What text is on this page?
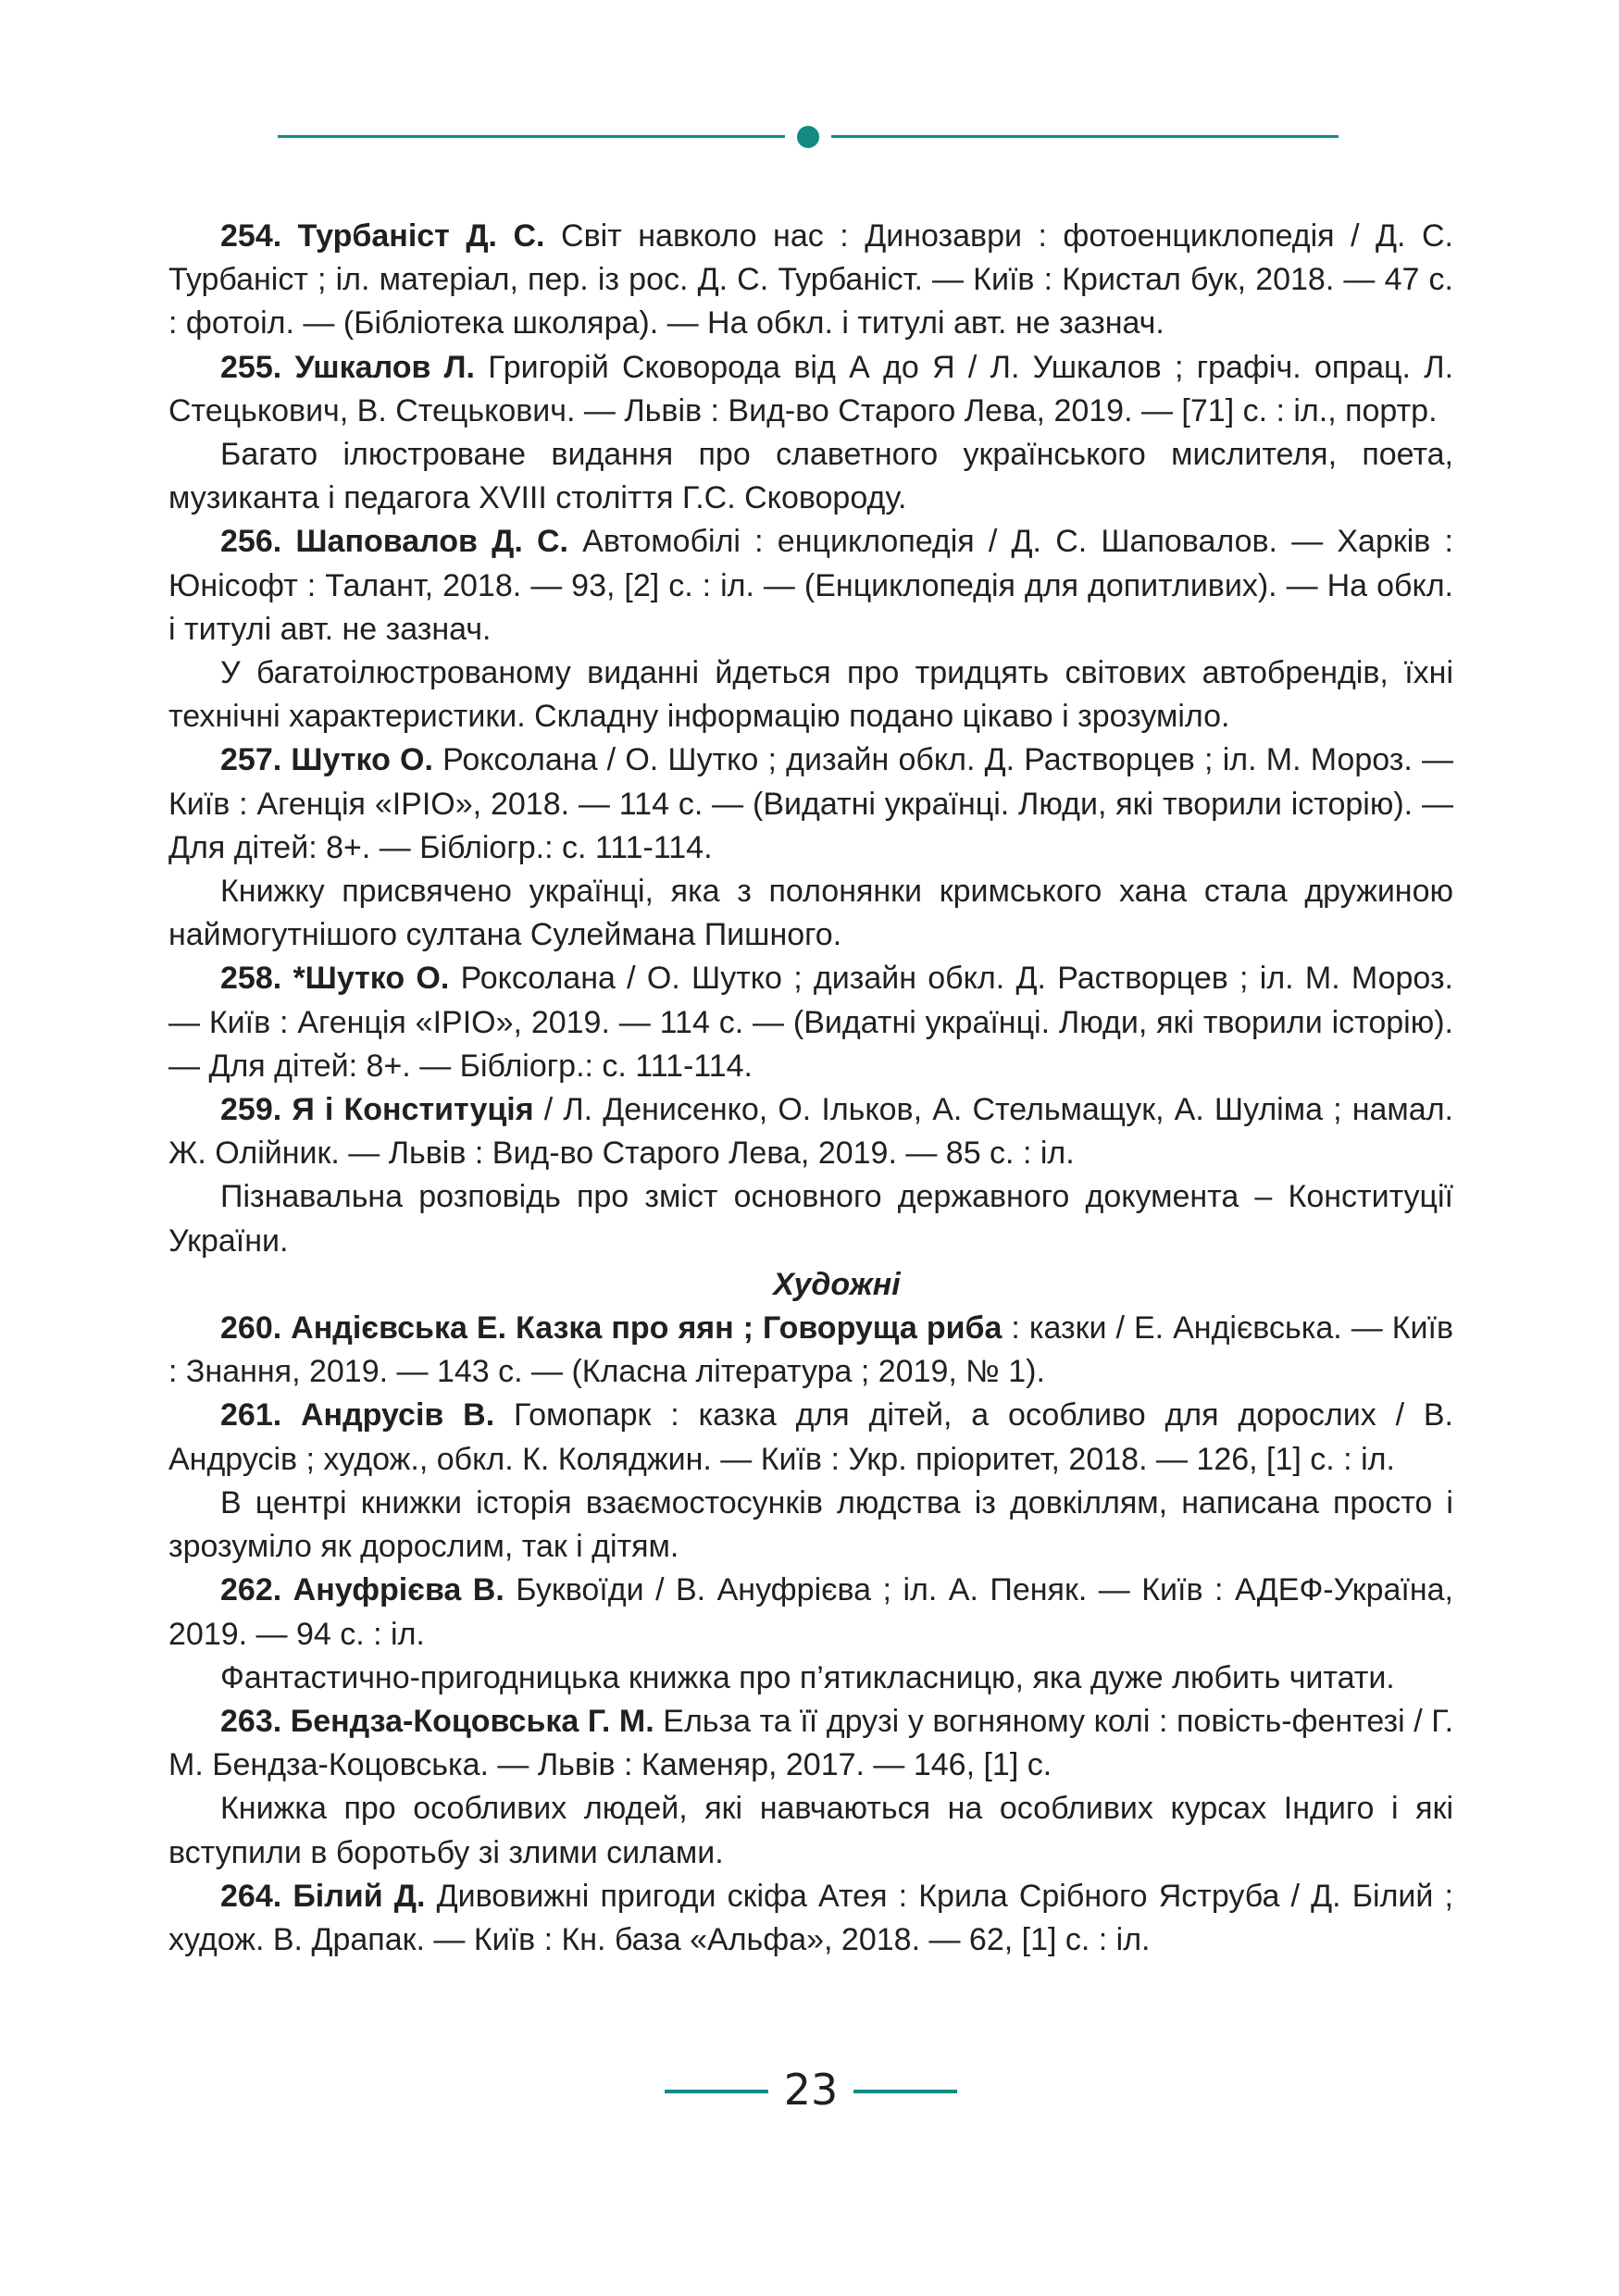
254. Турбаніст Д. С. Світ навколо нас : Динозаври : фотоенциклопедія / Д. С. Турбаніст ; іл. матеріал, пер. із рос. Д. С. Турбаніст. — Київ : Кристал бук, 2018. — 47 с. : фотоіл. — (Бібліотека школяра). — На обкл. і титулі авт. не зазнач.

255. Ушкалов Л. Григорій Сковорода від А до Я / Л. Ушкалов ; графіч. опрац. Л. Стецькович, В. Стецькович. — Львів : Вид-во Старого Лева, 2019. — [71] с. : іл., портр.

Багато ілюстроване видання про славетного українського мислителя, поета, музиканта і педагога XVIII століття Г.С. Сковороду.

256. Шаповалов Д. С. Автомобілі : енциклопедія / Д. С. Шаповалов. — Харків : Юнісофт : Талант, 2018. — 93, [2] с. : іл. — (Енциклопедія для допитливих). — На обкл. і титулі авт. не зазнач.

У багатоілюстрованому виданні йдеться про тридцять світових автобрендів, їхні технічні характеристики. Складну інформацію подано цікаво і зрозуміло.

257. Шутко О. Роксолана / О. Шутко ; дизайн обкл. Д. Растворцев ; іл. М. Мороз. — Київ : Агенція «ІРІО», 2018. — 114 с. — (Видатні українці. Люди, які творили історію). — Для дітей: 8+. — Бібліогр.: с. 111-114.

Книжку присвячено українці, яка з полонянки кримського хана стала дружиною наймогутнішого султана Сулеймана Пишного.

258. *Шутко О. Роксолана / О. Шутко ; дизайн обкл. Д. Растворцев ; іл. М. Мороз. — Київ : Агенція «ІРІО», 2019. — 114 с. — (Видатні українці. Люди, які творили історію). — Для дітей: 8+. — Бібліогр.: с. 111-114.

259. Я і Конституція / Л. Денисенко, О. Ільков, А. Стельмащук, А. Шуліма ; намал. Ж. Олійник. — Львів : Вид-во Старого Лева, 2019. — 85 с. : іл.

Пізнавальна розповідь про зміст основного державного документа – Конституції України.

Художні

260. Андієвська Е. Казка про яян ; Говоруща риба : казки / Е. Андієвська. — Київ : Знання, 2019. — 143 с. — (Класна література ; 2019, № 1).

261. Андрусів В. Гомопарк : казка для дітей, а особливо для дорослих / В. Андрусів ; худож., обкл. К. Коляджин. — Київ : Укр. пріоритет, 2018. — 126, [1] с. : іл.

В центрі книжки історія взаємостосунків людства із довкіллям, написана просто і зрозуміло як дорослим, так і дітям.

262. Ануфрієва В. Буквоїди / В. Ануфрієва ; іл. А. Пеняк. — Київ : АДЕФ-Україна, 2019. — 94 с. : іл.

Фантастично-пригодницька книжка про п’ятикласницю, яка дуже любить читати.

263. Бендза-Коцовська Г. М. Ельза та її друзі у вогняному колі : повість-фентезі / Г. М. Бендза-Коцовська. — Львів : Каменяр, 2017. — 146, [1] с.

Книжка про особливих людей, які навчаються на особливих курсах Індиго і які вступили в боротьбу зі злими силами.

264. Білий Д. Дивовижні пригоди скіфа Атея : Крила Срібного Яструба / Д. Білий ; худож. В. Драпак. — Київ : Кн. база «Альфа», 2018. — 62, [1] с. : іл.

23
